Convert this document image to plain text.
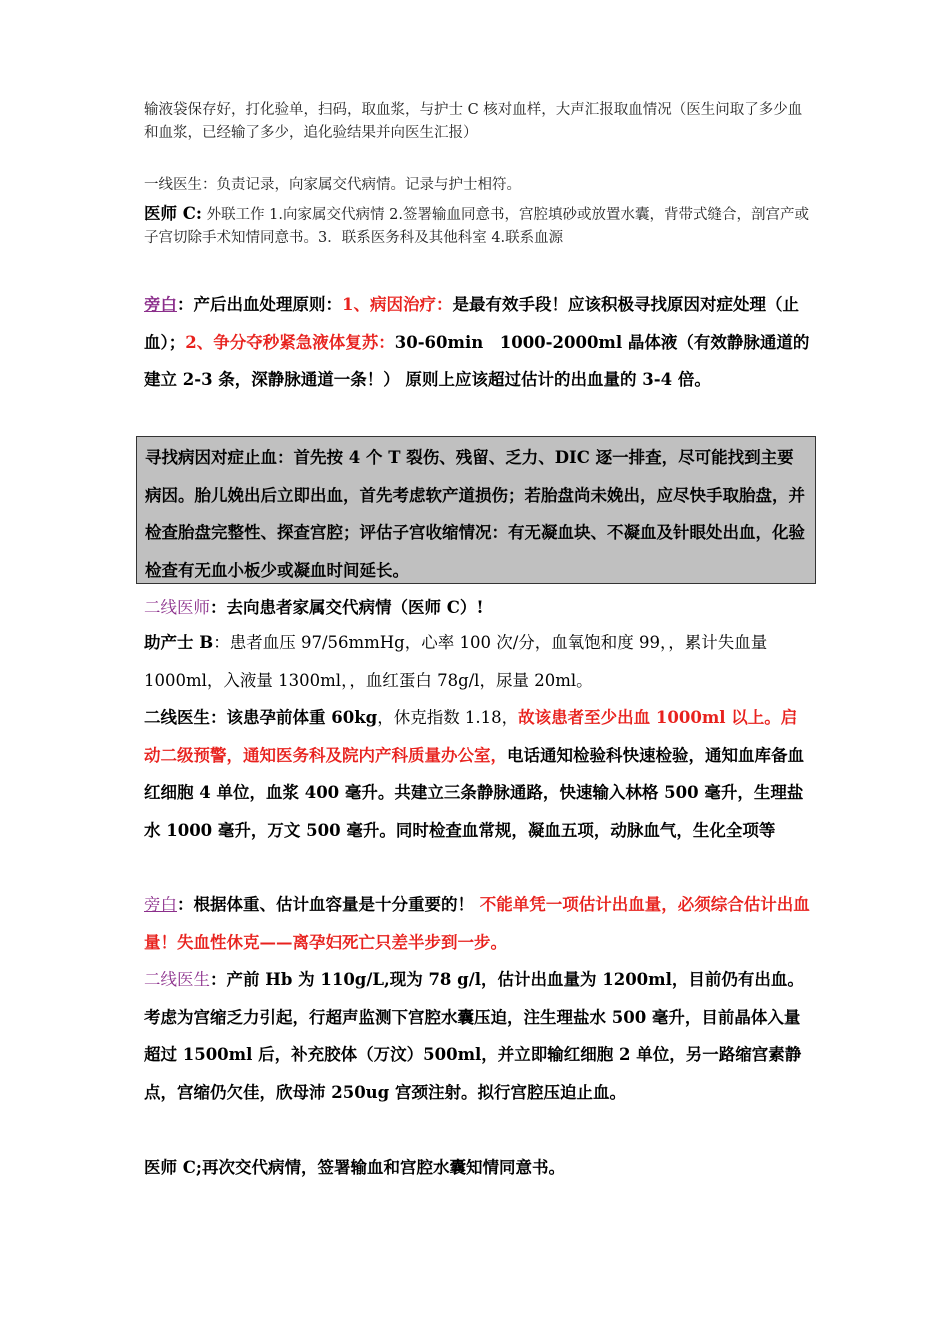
输液袋保存好，打化验单，扫码，取血浆，与护士 C 核对血样，大声汇报取血情况（医生问取了多少血和血浆，已经输了多少，追化验结果并向医生汇报）

一线医生：负责记录，向家属交代病情。记录与护士相符。

医师 C: 外联工作 1.向家属交代病情 2.签署输血同意书，宫腔填砂或放置水囊，背带式缝合，剖宫产或子宫切除手术知情同意书。3．联系医务科及其他科室 4.联系血源

旁白：产后出血处理原则：1、病因治疗：是最有效手段！应该积极寻找原因对症处理（止血）；2、争分夺秒紧急液体复苏：30-60min　1000-2000ml 晶体液（有效静脉通道的建立 2-3 条，深静脉通道一条！） 原则上应该超过估计的出血量的 3-4 倍。

寻找病因对症止血：首先按 4 个 T 裂伤、残留、乏力、DIC 逐一排查，尽可能找到主要病因。胎儿娩出后立即出血，首先考虑软产道损伤；若胎盘尚未娩出，应尽快手取胎盘，并检查胎盘完整性、探查宫腔；评估子宫收缩情况：有无凝血块、不凝血及针眼处出血，化验检查有无血小板少或凝血时间延长。

二线医师：去向患者家属交代病情（医师 C）!

助产士 B：患者血压 97/56mmHg，心率 100 次/分，血氧饱和度 99，，累计失血量 1000ml，入液量 1300ml，，血红蛋白 78g/l，尿量 20ml。

二线医生：该患孕前体重 60kg，休克指数 1.18，故该患者至少出血 1000ml 以上。启动二级预警，通知医务科及院内产科质量办公室，电话通知检验科快速检验，通知血库备血红细胞 4 单位，血浆 400 毫升。共建立三条静脉通路，快速输入林格 500 毫升，生理盐水 1000 毫升，万文 500 毫升。同时检查血常规，凝血五项，动脉血气，生化全项等

旁白：根据体重、估计血容量是十分重要的！ 不能单凭一项估计出血量，必须综合估计出血量！失血性休克——离孕妇死亡只差半步到一步。

二线医生：产前 Hb 为 110g/L,现为 78 g/l，估计出血量为 1200ml，目前仍有出血。考虑为宫缩乏力引起，行超声监测下宫腔水囊压迫，注生理盐水 500 毫升，目前晶体入量超过 1500ml 后，补充胶体（万汶）500ml，并立即输红细胞 2 单位，另一路缩宫素静点，宫缩仍欠佳，欣母沛 250ug 宫颈注射。拟行宫腔压迫止血。

医师 C;再次交代病情，签署输血和宫腔水囊知情同意书。
